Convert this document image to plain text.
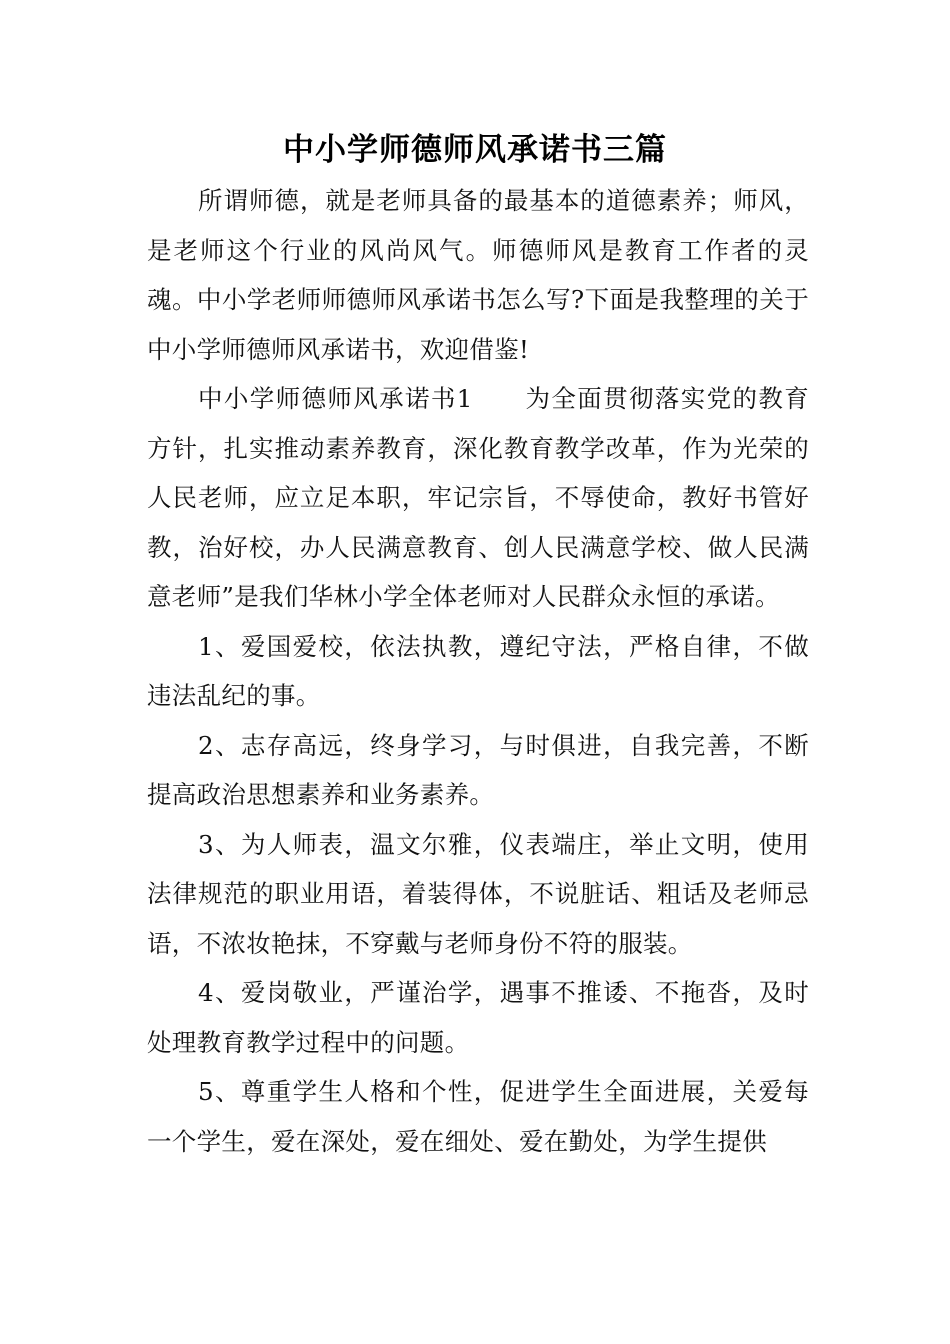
中小学师德师风承诺书三篇

所谓师德，就是老师具备的最基本的道德素养；师风，是老师这个行业的风尚风气。师德师风是教育工作者的灵魂。中小学老师师德师风承诺书怎么写?下面是我整理的关于中小学师德师风承诺书，欢迎借鉴!

中小学师德师风承诺书1　　为全面贯彻落实党的教育方针，扎实推动素养教育，深化教育教学改革，作为光荣的人民老师，应立足本职，牢记宗旨，不辱使命，教好书管好教，治好校，办人民满意教育、创人民满意学校、做人民满意老师”是我们华林小学全体老师对人民群众永恒的承诺。

1、爱国爱校，依法执教，遵纪守法，严格自律，不做违法乱纪的事。

2、志存高远，终身学习，与时俱进，自我完善，不断提高政治思想素养和业务素养。

3、为人师表，温文尔雅，仪表端庄，举止文明，使用法律规范的职业用语，着装得体，不说脏话、粗话及老师忌语，不浓妆艳抹，不穿戴与老师身份不符的服装。

4、爱岗敬业，严谨治学，遇事不推诿、不拖沓，及时处理教育教学过程中的问题。

5、尊重学生人格和个性，促进学生全面进展，关爱每一个学生，爱在深处，爱在细处、爱在勤处，为学生提供
